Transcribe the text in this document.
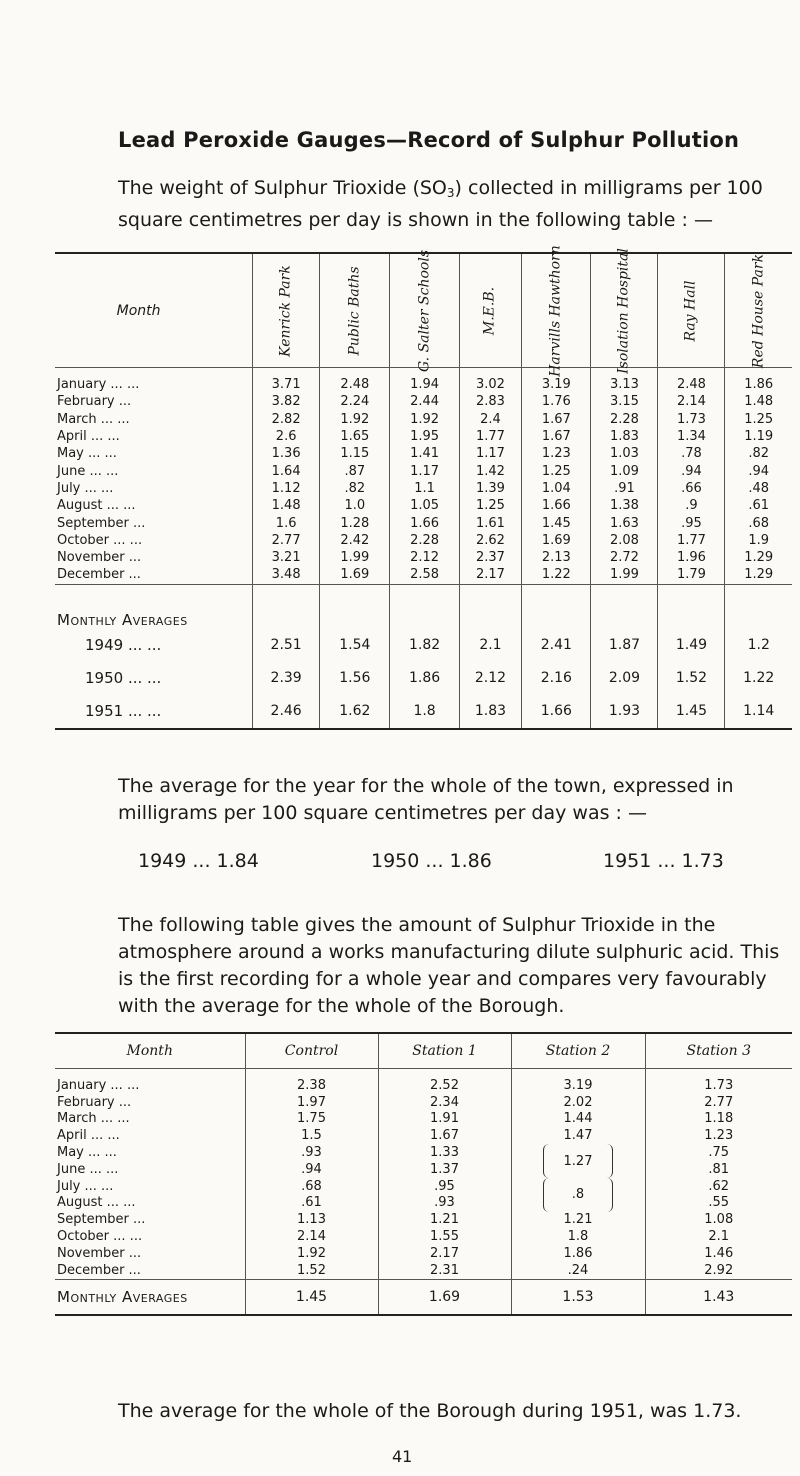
Lead Peroxide Gauges—Record of Sulphur Pollution

The weight of Sulphur Trioxide $(SO_3)$ collected in milligrams per 100 square centimetres per day is shown in the following table : —

Month	Kenrick Park	Public Baths	G. Salter Schools	M.E.B.	Harvills Hawthorn	Isolation Hospital	Ray Hall	Red House Park

January ... ...	3.71	2.48	1.94	3.02	3.19	3.13	2.48	1.86
February ...	3.82	2.24	2.44	2.83	1.76	3.15	2.14	1.48
March ... ...	2.82	1.92	1.92	2.4	1.67	2.28	1.73	1.25
April ... ...	2.6	1.65	1.95	1.77	1.67	1.83	1.34	1.19
May ... ...	1.36	1.15	1.41	1.17	1.23	1.03	.78	.82
June ... ...	1.64	.87	1.17	1.42	1.25	1.09	.94	.94
July ... ...	1.12	.82	1.1	1.39	1.04	.91	.66	.48
August ... ...	1.48	1.0	1.05	1.25	1.66	1.38	.9	.61
September ...	1.6	1.28	1.66	1.61	1.45	1.63	.95	.68
October ... ...	2.77	2.42	2.28	2.62	1.69	2.08	1.77	1.9
November ...	3.21	1.99	2.12	2.37	2.13	2.72	1.96	1.29
December ...	3.48	1.69	2.58	2.17	1.22	1.99	1.79	1.29
Monthly Averages								
1949 ... ...	2.51	1.54	1.82	2.1	2.41	1.87	1.49	1.2
1950 ... ...	2.39	1.56	1.86	2.12	2.16	2.09	1.52	1.22
1951 ... ...	2.46	1.62	1.8	1.83	1.66	1.93	1.45	1.14

The average for the year for the whole of the town, expressed in milligrams per 100 square centimetres per day was : —

1949 ... 1.84	1950 ... 1.86	1951 ... 1.73

The following table gives the amount of Sulphur Trioxide in the atmosphere around a works manufacturing dilute sulphuric acid. This is the first recording for a whole year and compares very favourably with the average for the whole of the Borough.

Month	Control	Station 1	Station 2	Station 3
January ... ...	2.38	2.52	3.19	1.73
February ...	1.97	2.34	2.02	2.77
March ... ...	1.75	1.91	1.44	1.18
April ... ...	1.5	1.67	1.47	1.23
May ... ...	.93	1.33	1.27	.75
June ... ...	.94	1.37		.81
July ... ...	.68	.95	.8	.62
August ... ...	.61	.93		.55
September ...	1.13	1.21	1.21	1.08
October ... ...	2.14	1.55	1.8	2.1
November ...	1.92	2.17	1.86	1.46
December ...	1.52	2.31	.24	2.92
Monthly Averages	1.45	1.69	1.53	1.43

The average for the whole of the Borough during 1951, was 1.73.

41
